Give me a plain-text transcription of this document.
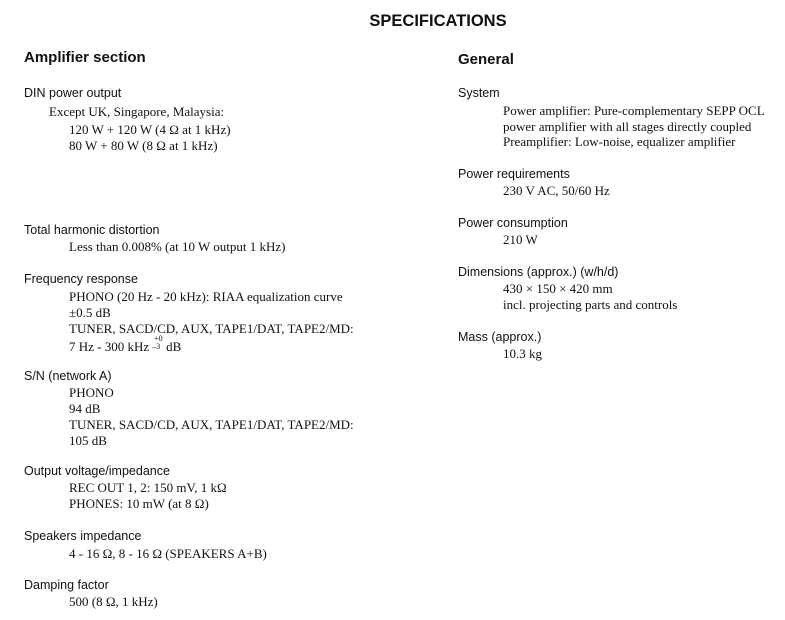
SPECIFICATIONS
Amplifier section
DIN power output
Except UK, Singapore, Malaysia:
120 W + 120 W (4 Ω at 1 kHz)
80 W + 80 W (8 Ω at 1 kHz)
Total harmonic distortion
Less than 0.008% (at 10 W output 1 kHz)
Frequency response
PHONO (20 Hz - 20 kHz): RIAA equalization curve
±0.5 dB
TUNER, SACD/CD, AUX, TAPE1/DAT, TAPE2/MD:
7 Hz - 300 kHz
+0
–3 dB
S/N (network A)
PHONO
94 dB
TUNER, SACD/CD, AUX, TAPE1/DAT, TAPE2/MD:
105 dB
Output voltage/impedance
REC OUT 1, 2: 150 mV, 1 kΩ
PHONES: 10 mW (at 8 Ω)
Speakers impedance
4 - 16 Ω, 8 - 16 Ω (SPEAKERS A+B)
Damping factor
500 (8 Ω, 1 kHz)
General
System
Power amplifier: Pure-complementary SEPP OCL
power amplifier with all stages directly coupled
Preamplifier: Low-noise, equalizer amplifier
Power requirements
230 V AC, 50/60 Hz
Power consumption
210 W
Dimensions (approx.) (w/h/d)
430 × 150 × 420 mm
incl. projecting parts and controls
Mass (approx.)
10.3 kg
